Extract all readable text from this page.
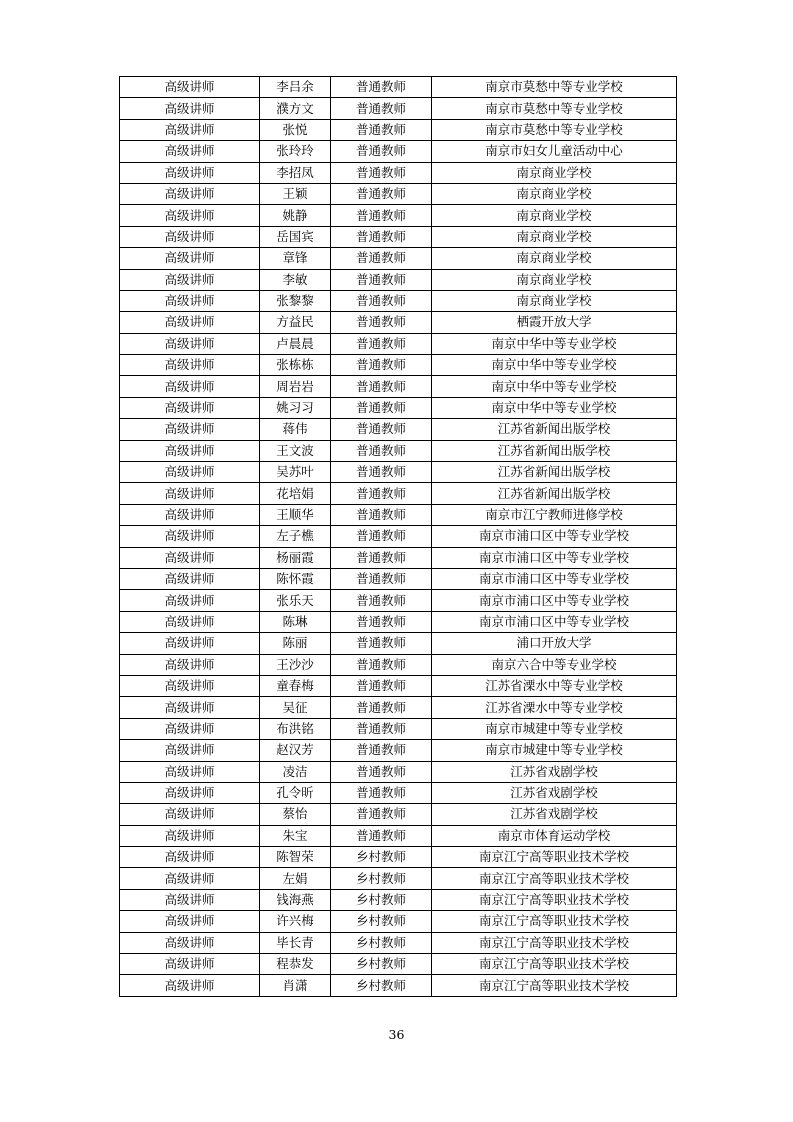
高级讲师	李吕余	普通教师	南京市莫愁中等专业学校
高级讲师	濮方文	普通教师	南京市莫愁中等专业学校
高级讲师	张悦	普通教师	南京市莫愁中等专业学校
高级讲师	张玲玲	普通教师	南京市妇女儿童活动中心
高级讲师	李招凤	普通教师	南京商业学校
高级讲师	王颖	普通教师	南京商业学校
高级讲师	姚静	普通教师	南京商业学校
高级讲师	岳国宾	普通教师	南京商业学校
高级讲师	章锋	普通教师	南京商业学校
高级讲师	李敏	普通教师	南京商业学校
高级讲师	张黎黎	普通教师	南京商业学校
高级讲师	方益民	普通教师	栖霞开放大学
高级讲师	卢晨晨	普通教师	南京中华中等专业学校
高级讲师	张栋栋	普通教师	南京中华中等专业学校
高级讲师	周岩岩	普通教师	南京中华中等专业学校
高级讲师	姚习习	普通教师	南京中华中等专业学校
高级讲师	蒋伟	普通教师	江苏省新闻出版学校
高级讲师	王文波	普通教师	江苏省新闻出版学校
高级讲师	吴苏叶	普通教师	江苏省新闻出版学校
高级讲师	花培娟	普通教师	江苏省新闻出版学校
高级讲师	王顺华	普通教师	南京市江宁教师进修学校
高级讲师	左子樵	普通教师	南京市浦口区中等专业学校
高级讲师	杨丽霞	普通教师	南京市浦口区中等专业学校
高级讲师	陈怀霞	普通教师	南京市浦口区中等专业学校
高级讲师	张乐天	普通教师	南京市浦口区中等专业学校
高级讲师	陈琳	普通教师	南京市浦口区中等专业学校
高级讲师	陈丽	普通教师	浦口开放大学
高级讲师	王沙沙	普通教师	南京六合中等专业学校
高级讲师	童春梅	普通教师	江苏省溧水中等专业学校
高级讲师	吴征	普通教师	江苏省溧水中等专业学校
高级讲师	布洪铭	普通教师	南京市城建中等专业学校
高级讲师	赵汉芳	普通教师	南京市城建中等专业学校
高级讲师	凌洁	普通教师	江苏省戏剧学校
高级讲师	孔令昕	普通教师	江苏省戏剧学校
高级讲师	蔡怡	普通教师	江苏省戏剧学校
高级讲师	朱宝	普通教师	南京市体育运动学校
高级讲师	陈智荣	乡村教师	南京江宁高等职业技术学校
高级讲师	左娟	乡村教师	南京江宁高等职业技术学校
高级讲师	钱海燕	乡村教师	南京江宁高等职业技术学校
高级讲师	许兴梅	乡村教师	南京江宁高等职业技术学校
高级讲师	毕长青	乡村教师	南京江宁高等职业技术学校
高级讲师	程恭发	乡村教师	南京江宁高等职业技术学校
高级讲师	肖潇	乡村教师	南京江宁高等职业技术学校
36
